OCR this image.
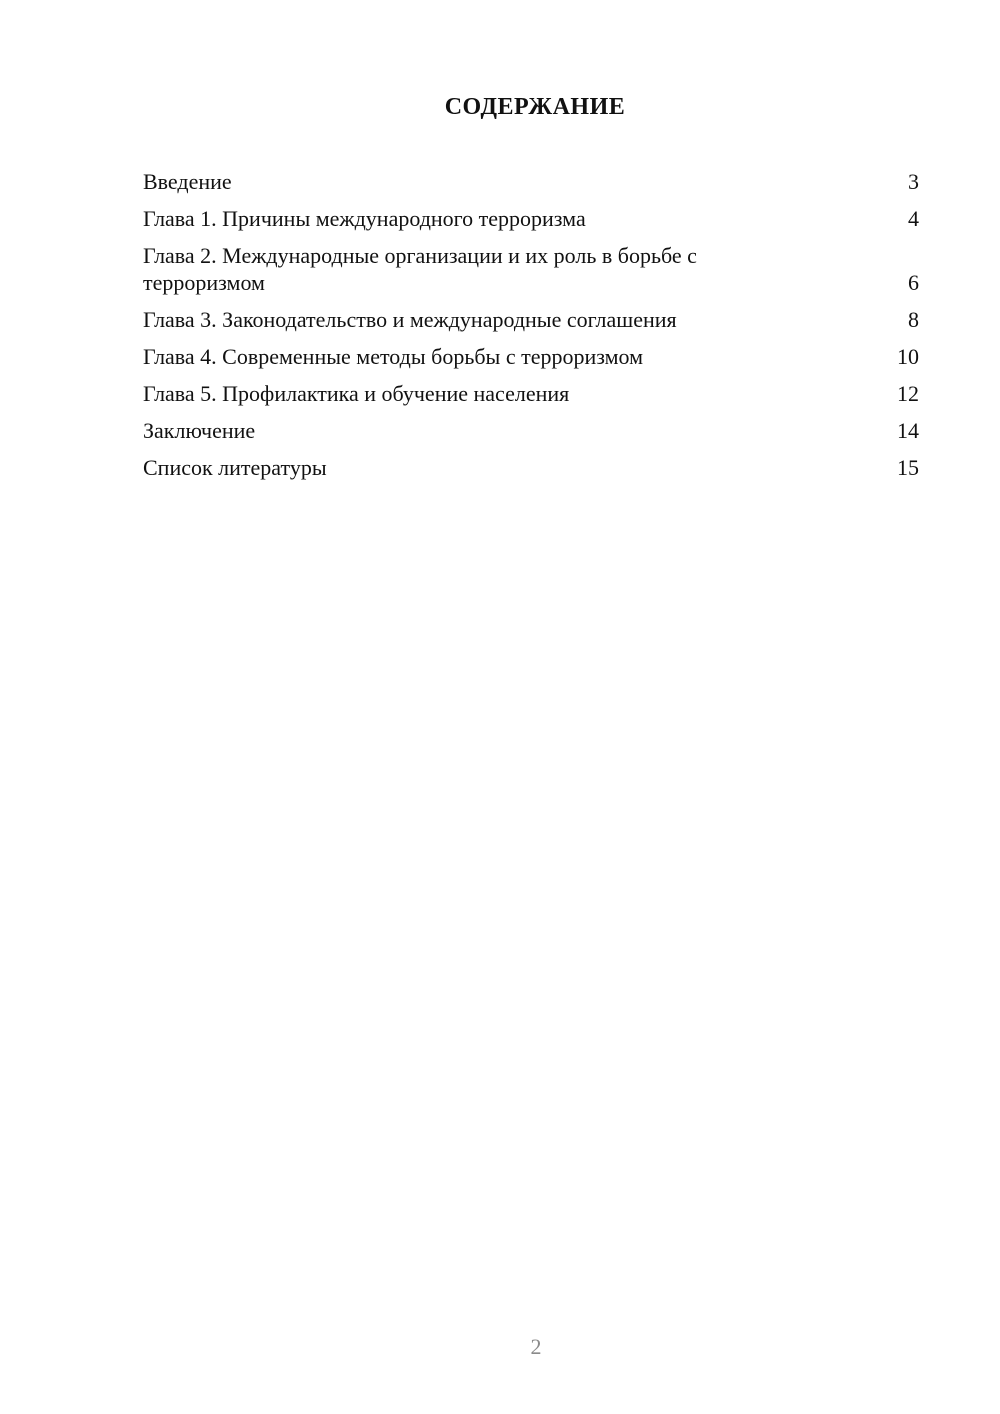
СОДЕРЖАНИЕ
Введение	3
Глава 1. Причины международного терроризма	4
Глава 2. Международные организации и их роль в борьбе с терроризмом	6
Глава 3. Законодательство и международные соглашения	8
Глава 4. Современные методы борьбы с терроризмом	10
Глава 5. Профилактика и обучение населения	12
Заключение	14
Список литературы	15
2
